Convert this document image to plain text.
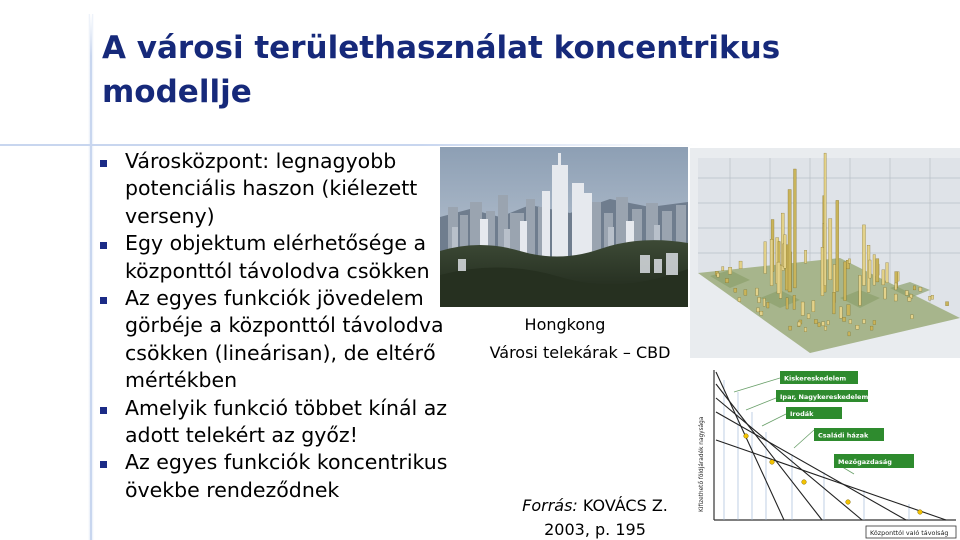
A városi területhasználat koncentrikus modellje
Városközpont: legnagyobb potenciális haszon (kiélezett verseny)
Egy objektum elérhetősége a központtól távolodva csökken
Az egyes funkciók jövedelem görbéje a központtól távolodva csökken (lineárisan), de eltérő mértékben
Amelyik funkció többet kínál az adott telekért az győz!
Az egyes funkciók koncentrikus övekbe rendeződnek
Hongkong
Városi telekárak – CBD
Forrás: KOVÁCS Z.
2003, p. 195
Kiskereskedelem
Ipar, Nagykereskedelem
Irodák
Családi házak
Mezőgazdaság
Kifizethető földjáradék nagysága
Központtól való távolság
